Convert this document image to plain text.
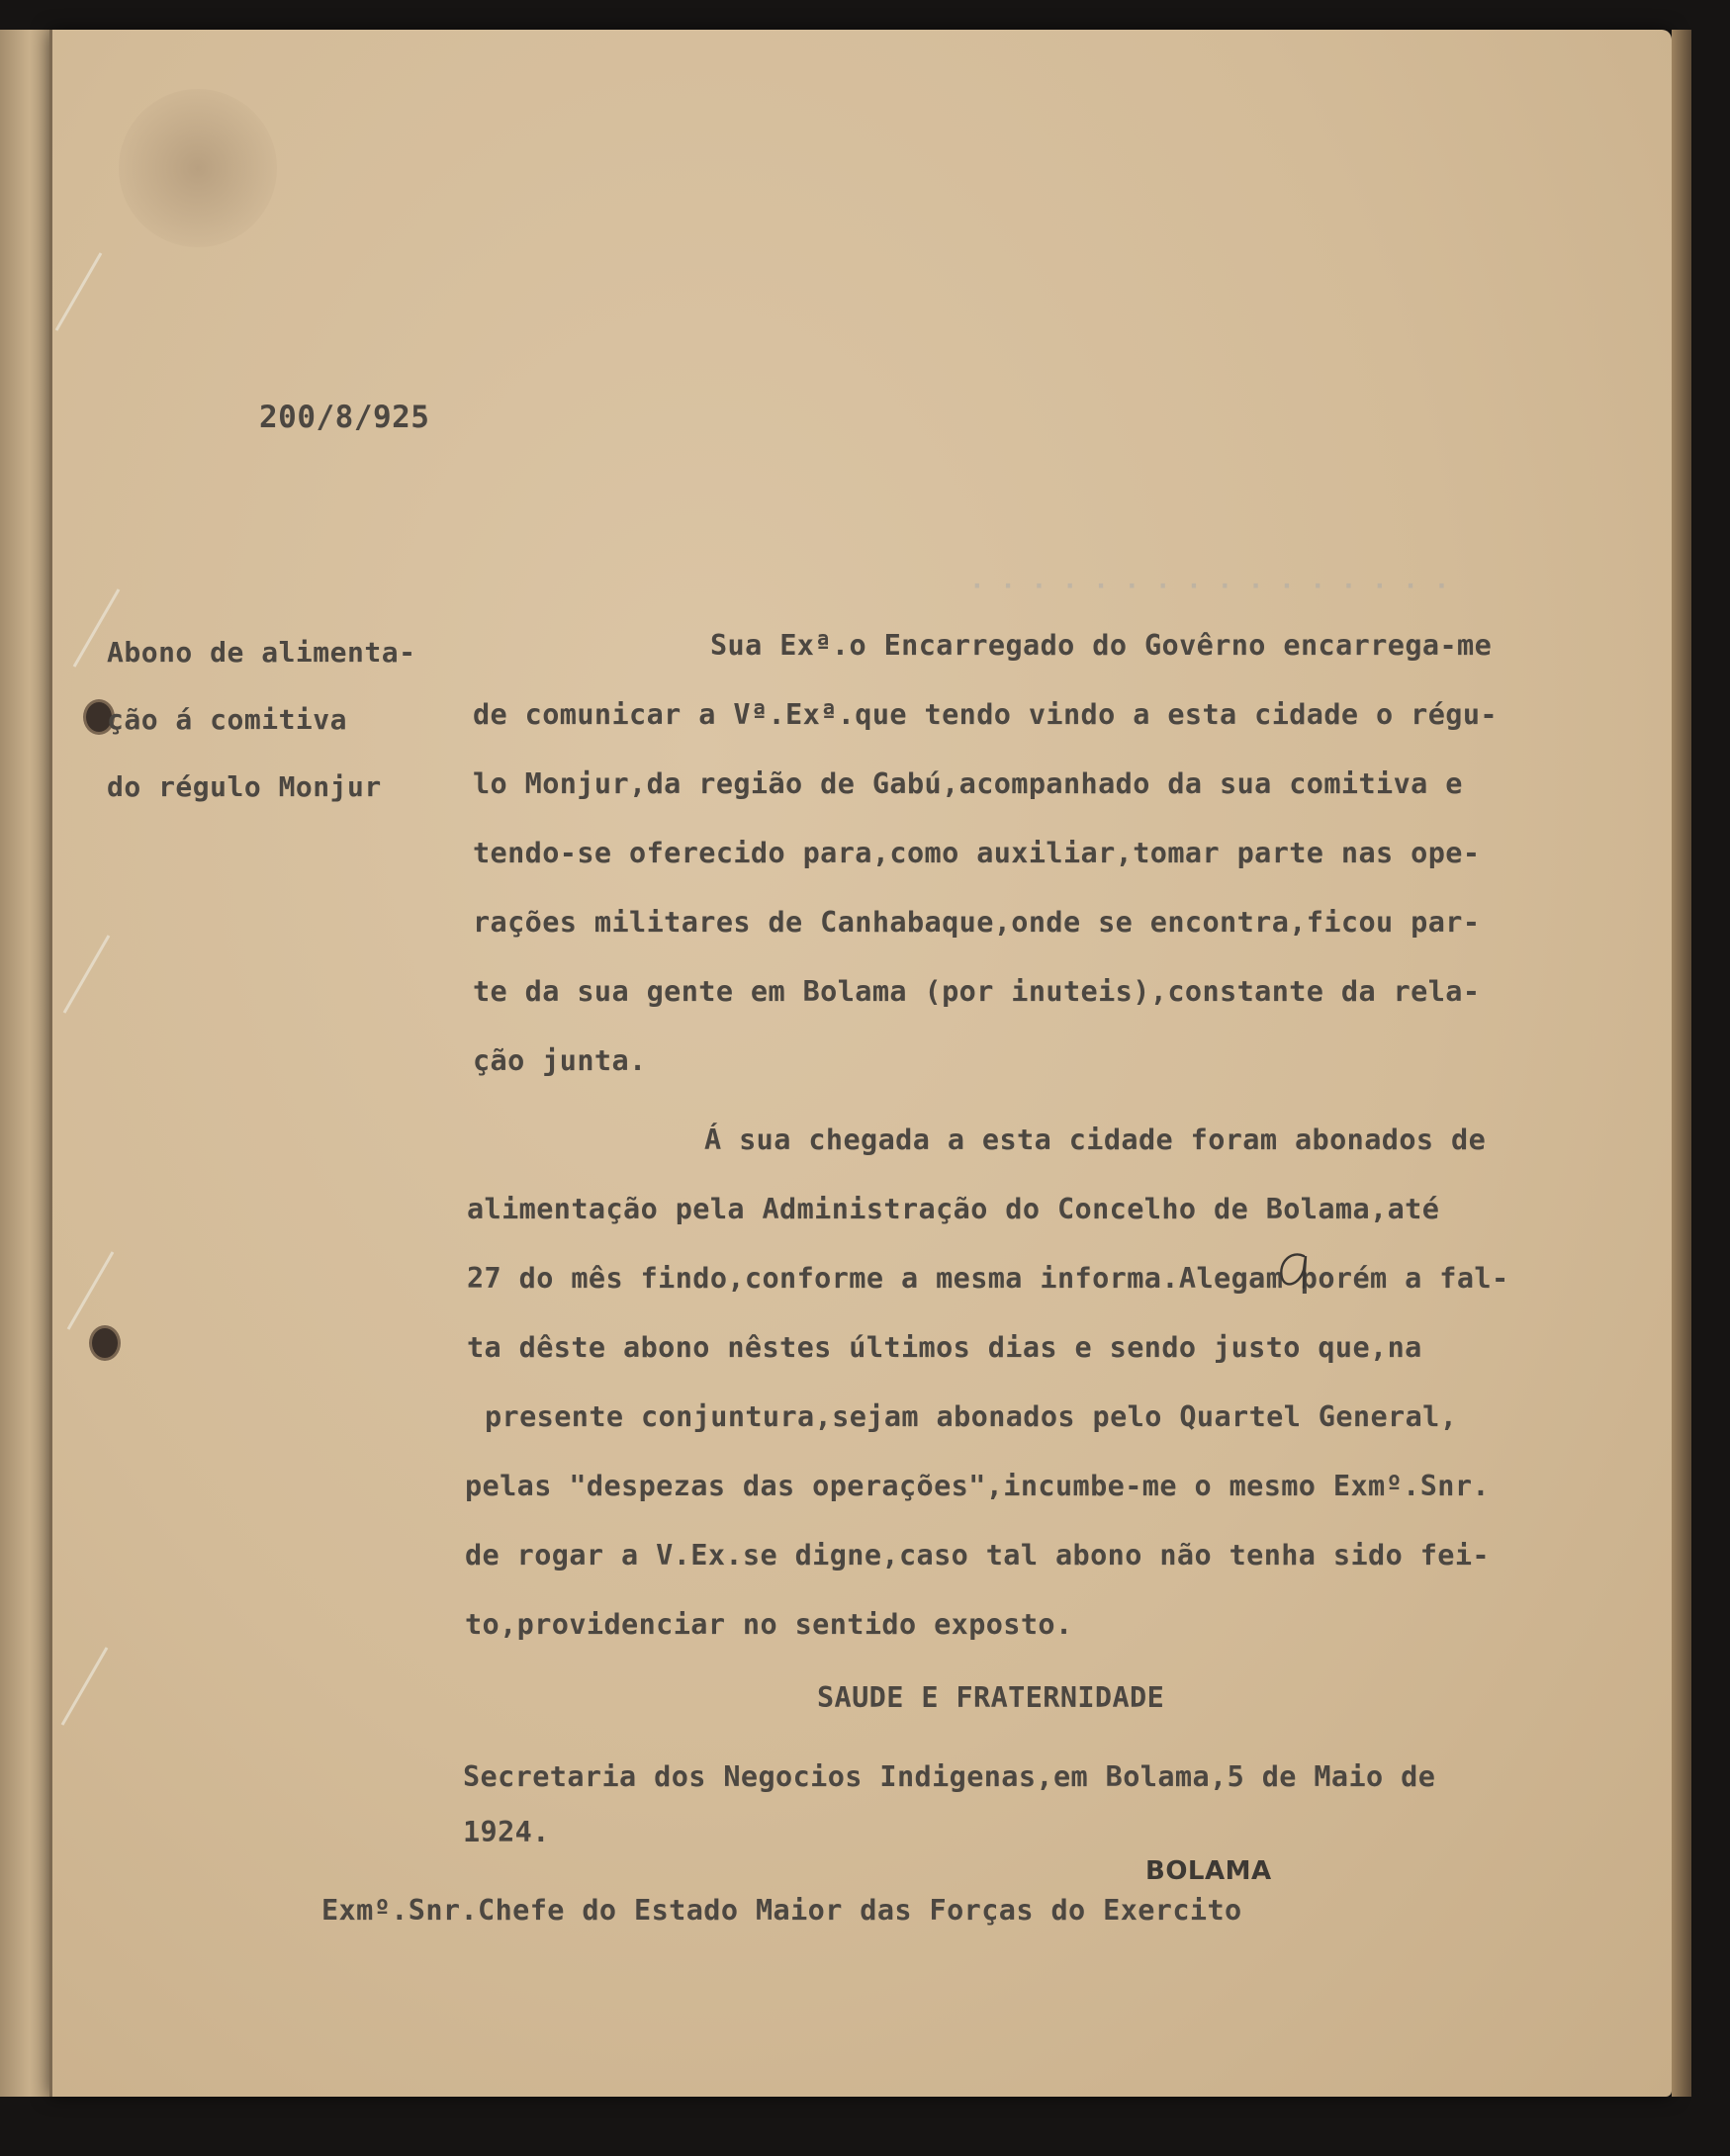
· · · · · · · · · · · · · · · ·

200/8/925

Abono de alimenta-
ção á comitiva
do régulo Monjur

Sua Exª.o Encarregado do Govêrno encarrega-me

de comunicar a Vª.Exª.que tendo vindo a esta cidade o régu-

lo Monjur,da região de Gabú,acompanhado da sua comitiva e

tendo-se oferecido para,como auxiliar,tomar parte nas ope-

rações militares de Canhabaque,onde se encontra,ficou par-

te da sua gente em Bolama (por inuteis),constante da rela-

ção junta.

Á sua chegada a esta cidade foram abonados de

alimentação pela Administração do Concelho de Bolama,até

27 do mês findo,conforme a mesma informa.Alegam porém a fal-

ta dêste abono nêstes últimos dias e sendo justo que,na

presente conjuntura,sejam abonados pelo Quartel General,

pelas "despezas das operações",incumbe-me o mesmo Exmº.Snr.

de rogar a V.Ex.se digne,caso tal abono não tenha sido fei-

to,providenciar no sentido exposto.

SAUDE E FRATERNIDADE

Secretaria dos Negocios Indigenas,em Bolama,5 de Maio de

1924.

BOLAMA

Exmº.Snr.Chefe do Estado Maior das Forças do Exercito
